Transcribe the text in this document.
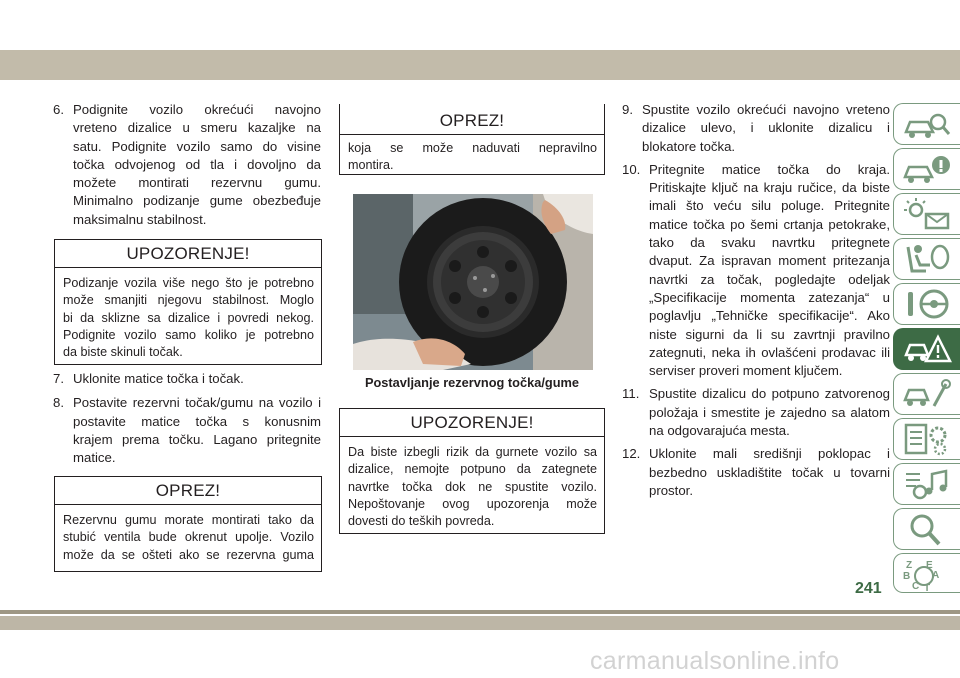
6. Podignite vozilo okrećući navojno
vreteno dizalice u smeru kazaljke na
satu. Podignite vozilo samo do visine
točka odvojenog od tla i dovoljno da
možete montirati rezervnu gumu.
Minimalno podizanje gume obezbeđuje
maksimalnu stabilnost.
UPOZORENJE!
Podizanje vozila više nego što je potrebno
može smanjiti njegovu stabilnost. Moglo
bi da sklizne sa dizalice i povredi nekog.
Podignite vozilo samo koliko je potrebno
da biste skinuli točak.
7. Uklonite matice točka i točak.
8. Postavite rezervni točak/gumu na vozilo i
postavite matice točka s konusnim
krajem prema točku. Lagano pritegnite
matice.
OPREZ!
Rezervnu gumu morate montirati tako da
stubić ventila bude okrenut upolje. Vozilo
može da se ošteti ako se rezervna guma
OPREZ!
koja se može naduvati nepravilno
montira.
Postavljanje rezervnog točka/gume
UPOZORENJE!
Da biste izbegli rizik da gurnete vozilo sa
dizalice, nemojte potpuno da zategnete
navrtke točka dok ne spustite vozilo.
Nepoštovanje ovog upozorenja može
dovesti do teških povreda.
9. Spustite vozilo okrećući navojno vreteno
dizalice ulevo, i uklonite dizalicu i
blokatore točka.
10. Pritegnite matice točka do kraja.
Pritiskajte ključ na kraju ručice, da biste
imali što veću silu poluge. Pritegnite
matice točka po šemi crtanja petokrake,
tako da svaku navrtku pritegnete
dvaput. Za ispravan moment pritezanja
navrtki za točak, pogledajte odeljak
„Specifikacije momenta zatezanja“ u
poglavlju „Tehničke specifikacije“. Ako
niste sigurni da li su zavrtnji pravilno
zategnuti, neka ih ovlašćeni prodavac ili
serviser proveri moment ključem.
11. Spustite dizalicu do potpuno zatvorenog
položaja i smestite je zajedno sa alatom
na odgovarajuća mesta.
12. Uklonite mali središnji poklopac i
bezbedno uskladištite točak u tovarni
prostor.
Z E
B A
C T
241
carmanualsonline.info
